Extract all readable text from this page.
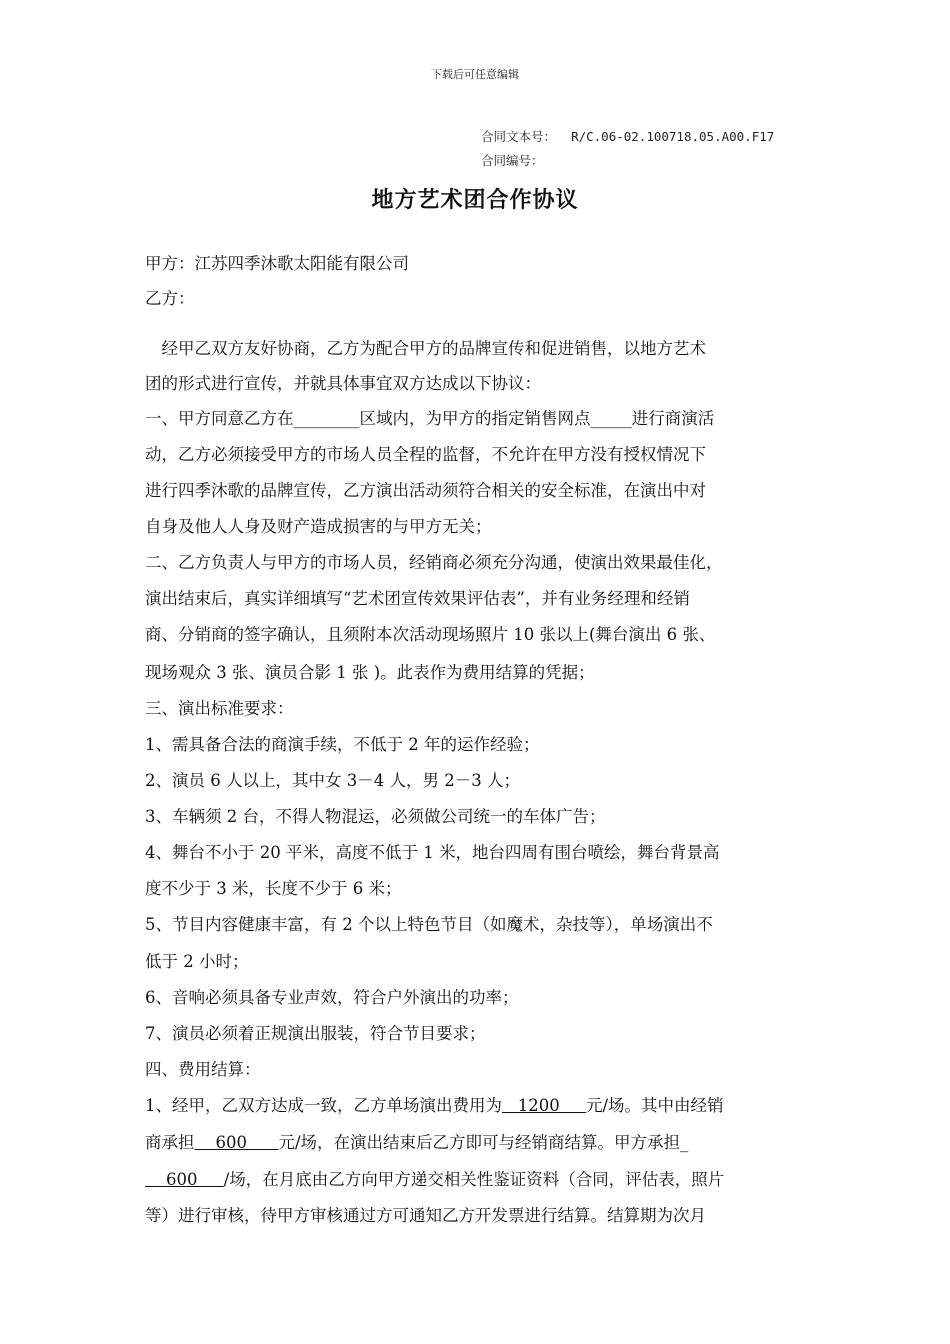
下载后可任意编辑
合同文本号： R/C.06-02.100718.05.A00.F17
合同编号：
地方艺术团合作协议
甲方：江苏四季沐歌太阳能有限公司
乙方：
　经甲乙双方友好协商，乙方为配合甲方的品牌宣传和促进销售，以地方艺术
团的形式进行宣传，并就具体事宜双方达成以下协议：
一、甲方同意乙方在________区域内，为甲方的指定销售网点_____进行商演活
动，乙方必须接受甲方的市场人员全程的监督，不允许在甲方没有授权情况下
进行四季沐歌的品牌宣传，乙方演出活动须符合相关的安全标准，在演出中对
自身及他人人身及财产造成损害的与甲方无关；
二、乙方负责人与甲方的市场人员，经销商必须充分沟通，使演出效果最佳化，
演出结束后，真实详细填写“艺术团宣传效果评估表”，并有业务经理和经销
商、分销商的签字确认，且须附本次活动现场照片 10 张以上(舞台演出 6 张、
现场观众 3 张、演员合影 1 张 )。此表作为费用结算的凭据；
三、演出标准要求：
1、需具备合法的商演手续，不低于 2 年的运作经验；
2、演员 6 人以上，其中女 3－4 人，男 2－3 人；
3、车辆须 2 台，不得人物混运，必须做公司统一的车体广告；
4、舞台不小于 20 平米，高度不低于 1 米，地台四周有围台喷绘，舞台背景高
度不少于 3 米，长度不少于 6 米；
5、节目内容健康丰富，有 2 个以上特色节目（如魔术，杂技等），单场演出不
低于 2 小时；
6、音响必须具备专业声效，符合户外演出的功率；
7、演员必须着正规演出服装，符合节目要求；
四、费用结算：
1、经甲，乙双方达成一致，乙方单场演出费用为   1200     元/场。其中由经销
商承担    600      元/场，在演出结束后乙方即可与经销商结算。甲方承担_
600     /场，在月底由乙方向甲方递交相关性鉴证资料（合同，评估表，照片
等）进行审核，待甲方审核通过方可通知乙方开发票进行结算。结算期为次月
